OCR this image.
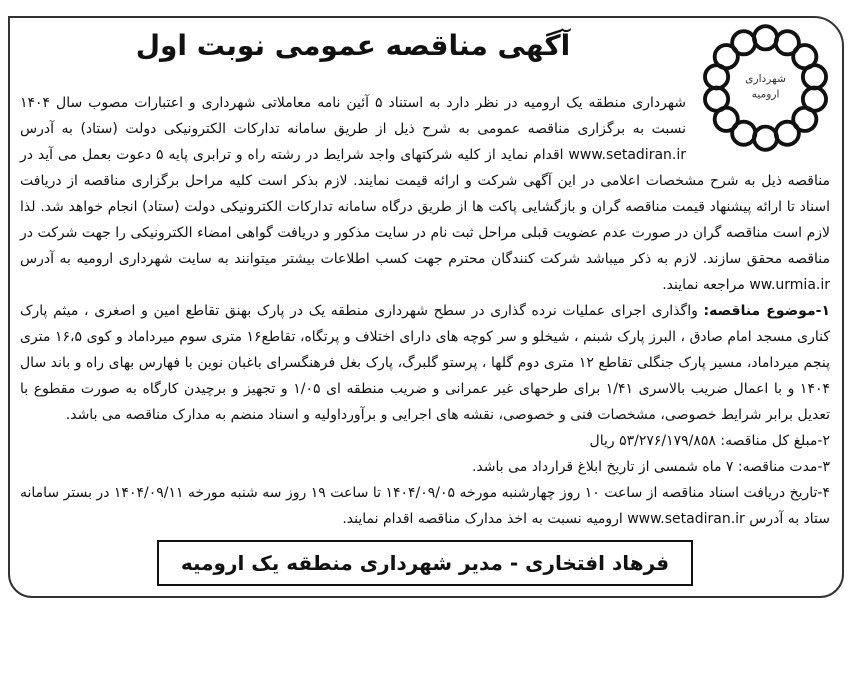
شهرداری
ارومیه
آگهی مناقصه عمومی نوبت اول

شهرداری منطقه یک ارومیه در نظر دارد به استناد ۵ آئین نامه معاملاتی شهرداری و اعتبارات مصوب سال ۱۴۰۴ نسبت به برگزاری مناقصه عمومی به شرح ذیل از طریق سامانه تدارکات الکترونیکی دولت (ستاد) به آدرس www.setadiran.ir اقدام نماید از کلیه شرکتهای واجد شرایط در رشته راه و ترابری پایه ۵ دعوت بعمل می آید در مناقصه ذیل به شرح مشخصات اعلامی در این آگهی شرکت و ارائه قیمت نمایند. لازم بذکر است کلیه مراحل برگزاری مناقصه از دریافت اسناد تا ارائه پیشنهاد قیمت مناقصه گران و بازگشایی پاکت ها از طریق درگاه سامانه تدارکات الکترونیکی دولت (ستاد) انجام خواهد شد. لذا لازم است مناقصه گران در صورت عدم عضویت قبلی مراحل ثبت نام در سایت مذکور و دریافت گواهی امضاء الکترونیکی را جهت شرکت در مناقصه محقق سازند. لازم به ذکر میباشد شرکت کنندگان محترم جهت کسب اطلاعات بیشتر میتوانند به سایت شهرداری ارومیه به آدرس ww.urmia.ir مراجعه نمایند.

۱-موضوع مناقصه: واگذاری اجرای عملیات نرده گذاری در سطح شهرداری منطقه یک در پارک بهنق تقاطع امین و اصغری ، میثم پارک کناری مسجد امام صادق ، البرز پارک شبنم ، شیخلو و سر کوچه های دارای اختلاف و پرتگاه، تقاطع۱۶ متری سوم میرداماد و کوی ۱۶،۵ متری پنجم میرداماد، مسیر پارک جنگلی تقاطع ۱۲ متری دوم گلها ، پرستو گلبرگ، پارک بغل فرهنگسرای باغبان نوین با فهارس بهای راه و باند سال ۱۴۰۴ و با اعمال ضریب بالاسری ۱/۴۱ برای طرحهای غیر عمرانی و ضریب منطقه ای ۱/۰۵ و تجهیز و برچیدن کارگاه به صورت مقطوع با تعدیل برابر شرایط خصوصی، مشخصات فنی و خصوصی، نقشه های اجرایی و برآورداولیه و اسناد منضم به مدارک مناقصه می باشد.

۲-مبلغ کل مناقصه: ۵۳/۲۷۶/۱۷۹/۸۵۸ ریال

۳-مدت مناقصه: ۷ ماه شمسی از تاریخ ابلاغ قرارداد می باشد.

۴-تاریخ دریافت اسناد مناقصه از ساعت ۱۰ روز چهارشنبه مورخه ۱۴۰۴/۰۹/۰۵ تا ساعت ۱۹ روز سه شنبه مورخه ۱۴۰۴/۰۹/۱۱ در بستر سامانه ستاد به آدرس www.setadiran.ir ارومیه نسبت به اخذ مدارک مناقصه اقدام نمایند.

فرهاد افتخاری - مدیر شهرداری منطقه یک ارومیه
